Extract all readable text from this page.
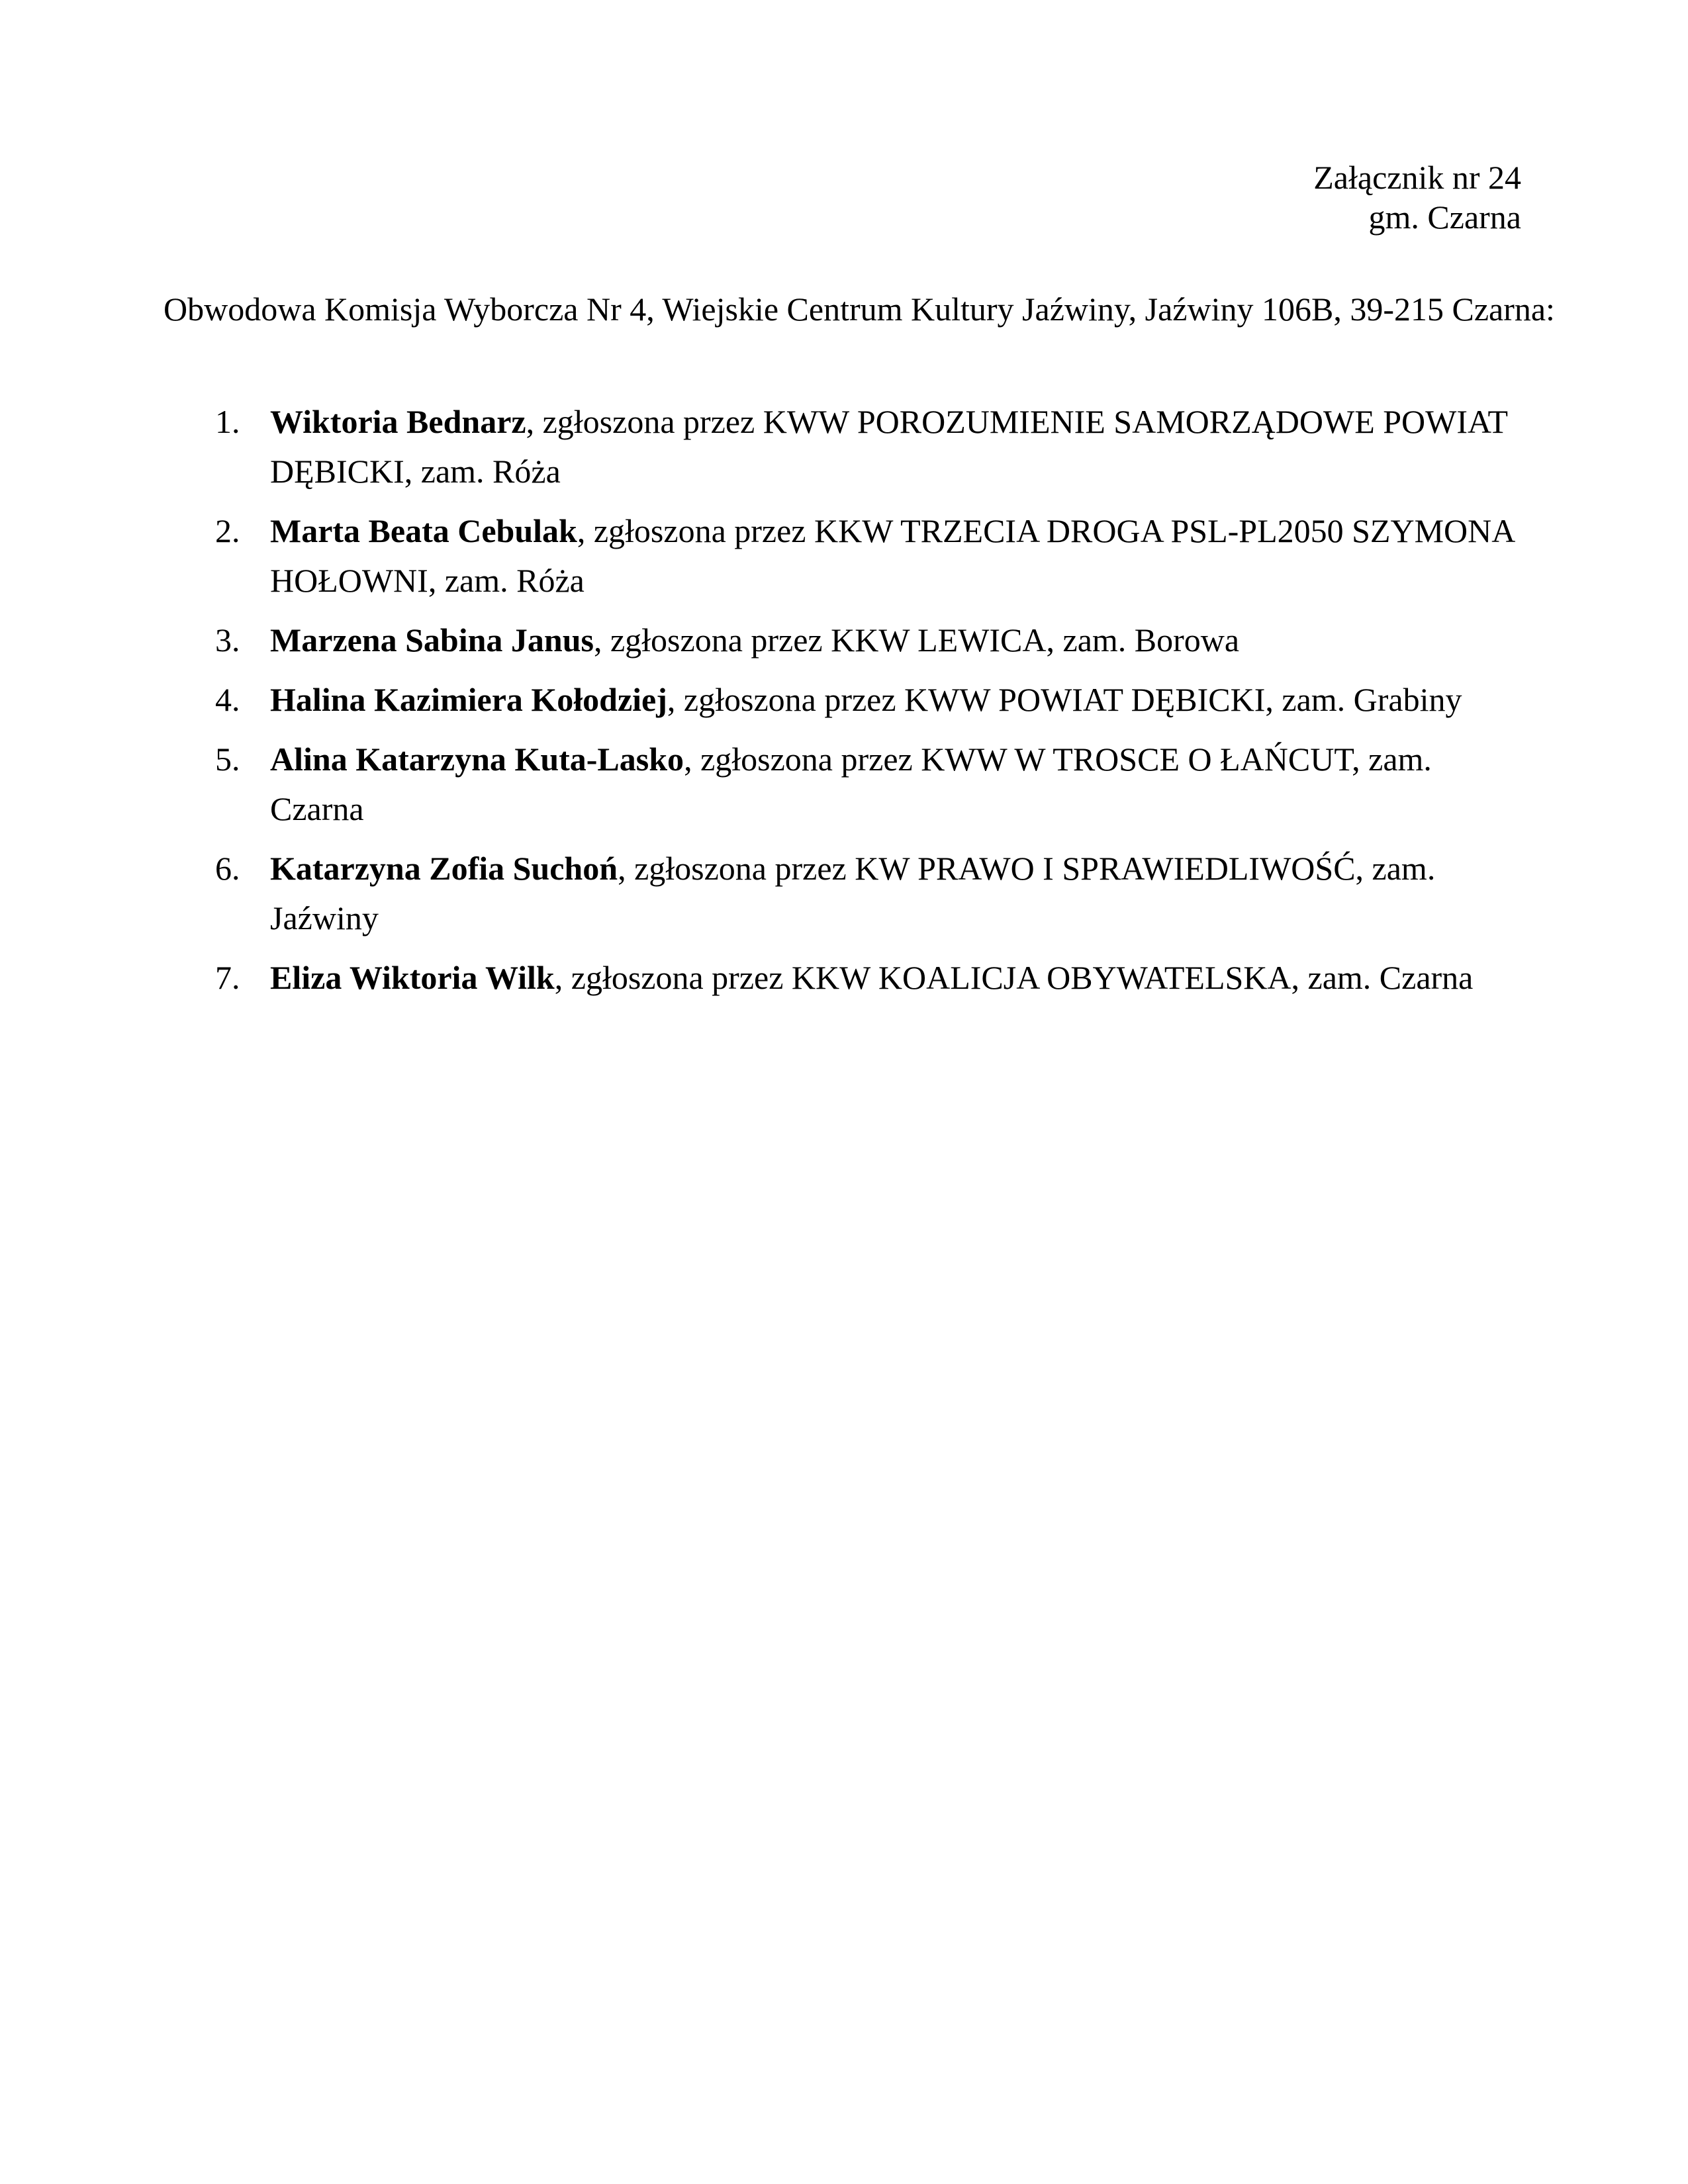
Załącznik nr 24
gm. Czarna
Obwodowa Komisja Wyborcza Nr 4, Wiejskie Centrum Kultury Jaźwiny, Jaźwiny 106B, 39-215 Czarna:
1. Wiktoria Bednarz, zgłoszona przez KWW POROZUMIENIE SAMORZĄDOWE POWIAT DĘBICKI, zam. Róża
2. Marta Beata Cebulak, zgłoszona przez KKW TRZECIA DROGA PSL-PL2050 SZYMONA HOŁOWNI, zam. Róża
3. Marzena Sabina Janus, zgłoszona przez KKW LEWICA, zam. Borowa
4. Halina Kazimiera Kołodziej, zgłoszona przez KWW POWIAT DĘBICKI, zam. Grabiny
5. Alina Katarzyna Kuta-Lasko, zgłoszona przez KWW W TROSCE O ŁAŃCUT, zam. Czarna
6. Katarzyna Zofia Suchoń, zgłoszona przez KW PRAWO I SPRAWIEDLIWOŚĆ, zam. Jaźwiny
7. Eliza Wiktoria Wilk, zgłoszona przez KKW KOALICJA OBYWATELSKA, zam. Czarna
